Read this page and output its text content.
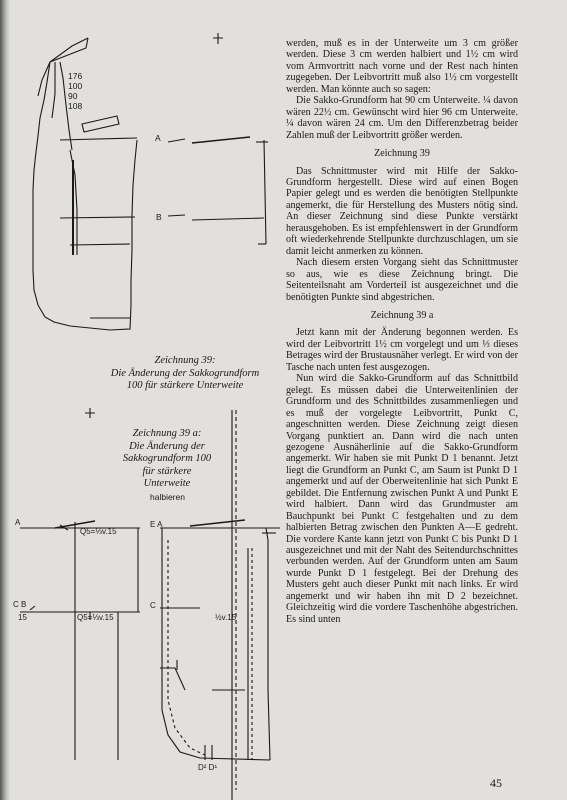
176
100
90
108
A
B
A
C B
15
Q5=⅓v.15
Q5=⅓v.15
halbieren
E A
C
½v.15
D² D¹
Zeichnung 39:
Die Änderung der Sakkogrundform 100 für stärkere Unterweite
Zeichnung 39 a:
Die Änderung der
Sakkogrundform 100
für stärkere
Unterweite

werden, muß es in der Unterweite um 3 cm größer werden. Diese 3 cm werden halbiert und 1½ cm wird vom Armvortritt nach vorne und der Rest nach hinten zugegeben. Der Leibvortritt muß also 1½ cm vorgestellt werden. Man könnte auch so sagen:

Die Sakko-Grundform hat 90 cm Unterweite. ¼ davon wären 22½ cm. Gewünscht wird hier 96 cm Unterweite. ¼ davon wären 24 cm. Um den Differenzbetrag beider Zahlen muß der Leibvortritt größer werden.

Zeichnung 39

Das Schnittmuster wird mit Hilfe der Sakko-Grundform hergestellt. Diese wird auf einen Bogen Papier gelegt und es werden die benötigten Stellpunkte angemerkt, die für Herstellung des Musters nötig sind. An dieser Zeichnung sind diese Punkte verstärkt herausgehoben. Es ist empfehlenswert in der Grundform oft wiederkehrende Stellpunkte durchzuschlagen, um sie damit leicht anmerken zu können.

Nach diesem ersten Vorgang sieht das Schnittmuster so aus, wie es diese Zeichnung bringt. Die Seitenteilsnaht am Vorderteil ist ausgezeichnet und die benötigten Punkte sind abgestrichen.

Zeichnung 39 a

Jetzt kann mit der Änderung begonnen werden. Es wird der Leibvortritt 1½ cm vorgelegt und um ⅓ dieses Betrages wird der Brustausnäher verlegt. Er wird von der Tasche nach unten fest ausgezogen.

Nun wird die Sakko-Grundform auf das Schnittbild gelegt. Es müssen dabei die Unterweitenlinien der Grundform und des Schnittbildes zusammenliegen und es muß der vorgelegte Leibvortritt, Punkt C, angeschnitten werden. Diese Zeichnung zeigt diesen Vorgang punktiert an. Dann wird die nach unten gezogene Ausnäherlinie auf die Sakko-Grundform angemerkt. Wir haben sie mit Punkt D 1 benannt. Jetzt liegt die Grundform an Punkt C, am Saum ist Punkt D 1 angemerkt und auf der Oberweitenlinie hat sich Punkt E gebildet. Die Entfernung zwischen Punkt A und Punkt E wird halbiert. Dann wird das Grundmuster am Bauchpunkt bei Punkt C festgehalten und zu dem halbierten Betrag zwischen den Punkten A—E gedreht. Die vordere Kante kann jetzt von Punkt C bis Punkt D 1 ausgezeichnet und mit der Naht des Seitendurchschnittes verbunden werden. Auf der Grundform unten am Saum wurde Punkt D 1 festgelegt. Bei der Drehung des Musters geht auch dieser Punkt mit nach links. Er wird angemerkt und wir haben ihn mit D 2 bezeichnet. Gleichzeitig wird die vordere Taschenhöhe abgestrichen. Es sind unten

45
